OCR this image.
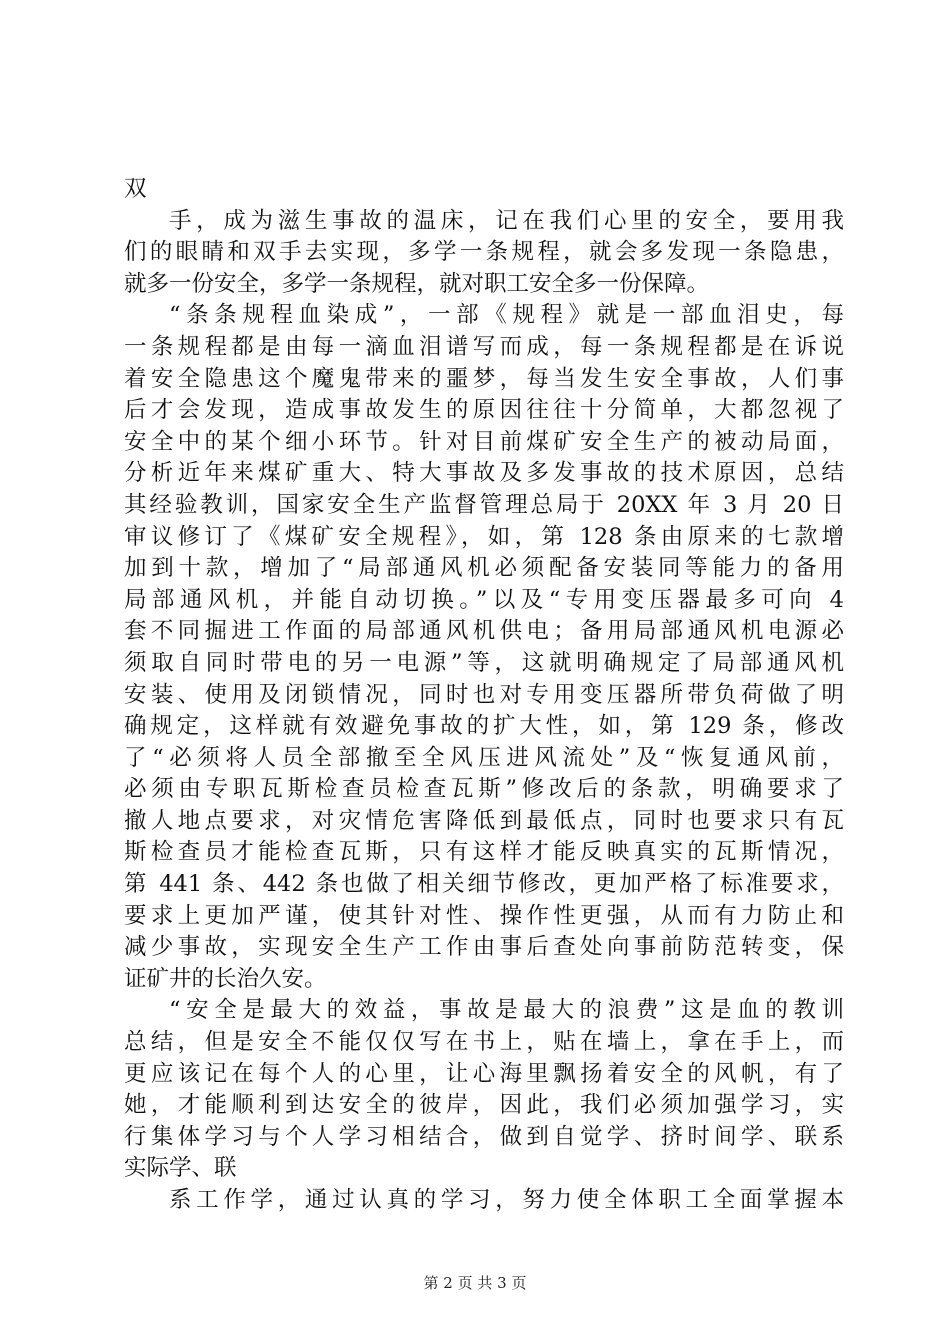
双
手，成为滋生事故的温床，记在我们心里的安全，要用我
们的眼睛和双手去实现，多学一条规程，就会多发现一条隐患，
就多一份安全，多学一条规程，就对职工安全多一份保障。
“条条规程血染成”，一部《规程》就是一部血泪史，每
一条规程都是由每一滴血泪谱写而成，每一条规程都是在诉说
着安全隐患这个魔鬼带来的噩梦，每当发生安全事故，人们事
后才会发现，造成事故发生的原因往往十分简单，大都忽视了
安全中的某个细小环节。针对目前煤矿安全生产的被动局面，
分析近年来煤矿重大、特大事故及多发事故的技术原因，总结
其经验教训，国家安全生产监督管理总局于 20XX 年 3 月 20 日
审议修订了《煤矿安全规程》，如，第 128 条由原来的七款增
加到十款，增加了“局部通风机必须配备安装同等能力的备用
局部通风机，并能自动切换。”以及“专用变压器最多可向 4
套不同掘进工作面的局部通风机供电；备用局部通风机电源必
须取自同时带电的另一电源”等，这就明确规定了局部通风机
安装、使用及闭锁情况，同时也对专用变压器所带负荷做了明
确规定，这样就有效避免事故的扩大性，如，第 129 条，修改
了“必须将人员全部撤至全风压进风流处”及“恢复通风前，
必须由专职瓦斯检查员检查瓦斯”修改后的条款，明确要求了
撤人地点要求，对灾情危害降低到最低点，同时也要求只有瓦
斯检查员才能检查瓦斯，只有这样才能反映真实的瓦斯情况，
第 441 条、442 条也做了相关细节修改，更加严格了标准要求，
要求上更加严谨，使其针对性、操作性更强，从而有力防止和
减少事故，实现安全生产工作由事后查处向事前防范转变，保
证矿井的长治久安。
“安全是最大的效益，事故是最大的浪费”这是血的教训
总结，但是安全不能仅仅写在书上，贴在墙上，拿在手上，而
更应该记在每个人的心里，让心海里飘扬着安全的风帆，有了
她，才能顺利到达安全的彼岸，因此，我们必须加强学习，实
行集体学习与个人学习相结合，做到自觉学、挤时间学、联系
实际学、联
系工作学，通过认真的学习，努力使全体职工全面掌握本
第 2 页 共 3 页
